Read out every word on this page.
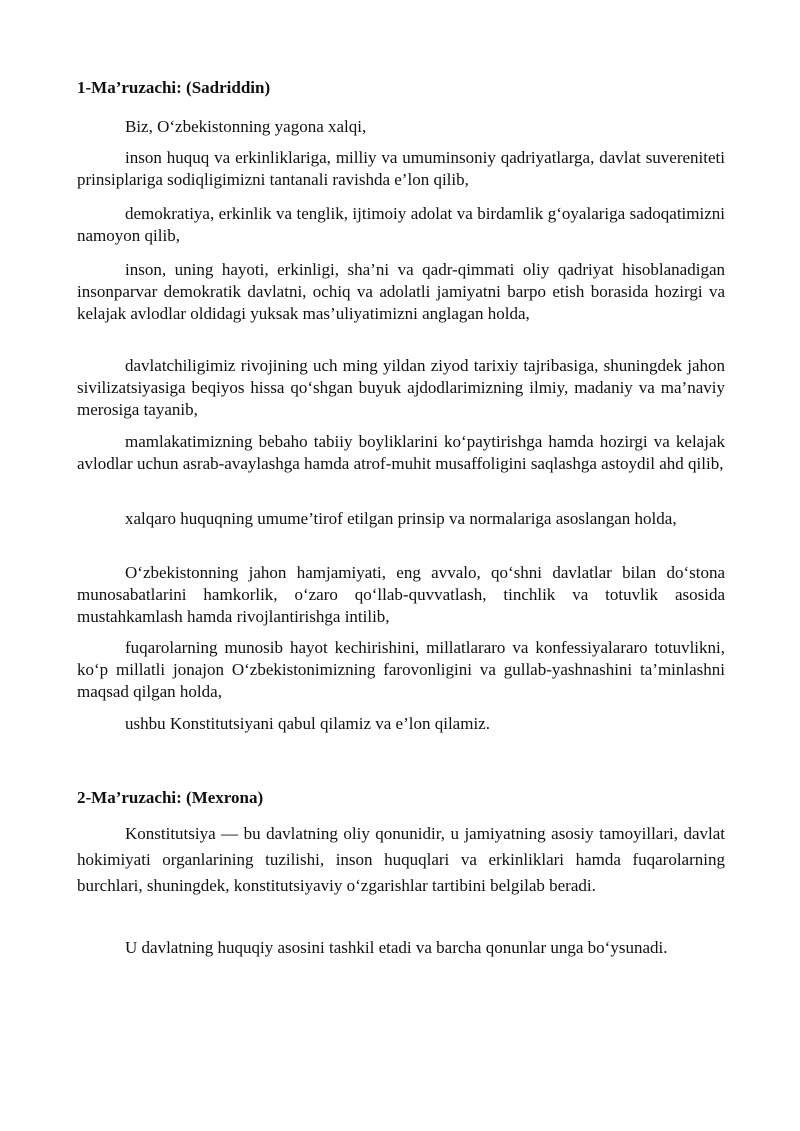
1-Ma’ruzachi: (Sadriddin)

Biz, O‘zbekistonning yagona xalqi,

inson huquq va erkinliklariga, milliy va umuminsoniy qadriyatlarga, davlat suvereniteti prinsiplariga sodiqligimizni tantanali ravishda e’lon qilib,

demokratiya, erkinlik va tenglik, ijtimoiy adolat va birdamlik g‘oyalariga sadoqatimizni namoyon qilib,

inson, uning hayoti, erkinligi, sha’ni va qadr-qimmati oliy qadriyat hisoblanadigan insonparvar demokratik davlatni, ochiq va adolatli jamiyatni barpo etish borasida hozirgi va kelajak avlodlar oldidagi yuksak mas’uliyatimizni anglagan holda,

davlatchiligimiz rivojining uch ming yildan ziyod tarixiy tajribasiga, shuningdek jahon sivilizatsiyasiga beqiyos hissa qo‘shgan buyuk ajdodlarimizning ilmiy, madaniy va ma’naviy merosiga tayanib,

mamlakatimizning bebaho tabiiy boyliklarini ko‘paytirishga hamda hozirgi va kelajak avlodlar uchun asrab-avaylashga hamda atrof-muhit musaffoligini saqlashga astoydil ahd qilib,

xalqaro huquqning umume’tirof etilgan prinsip va normalariga asoslangan holda,

O‘zbekistonning jahon hamjamiyati, eng avvalo, qo‘shni davlatlar bilan do‘stona munosabatlarini hamkorlik, o‘zaro qo‘llab-quvvatlash, tinchlik va totuvlik asosida mustahkamlash hamda rivojlantirishga intilib,

fuqarolarning munosib hayot kechirishini, millatlararo va konfessiyalararo totuvlikni, ko‘p millatli jonajon O‘zbekistonimizning farovonligini va gullab-yashnashini ta’minlashni maqsad qilgan holda,

ushbu Konstitutsiyani qabul qilamiz va e’lon qilamiz.

2-Ma’ruzachi: (Mexrona)

Konstitutsiya — bu davlatning oliy qonunidir, u jamiyatning asosiy tamoyillari, davlat hokimiyati organlarining tuzilishi, inson huquqlari va erkinliklari hamda fuqarolarning burchlari, shuningdek, konstitutsiyaviy o‘zgarishlar tartibini belgilab beradi.

U davlatning huquqiy asosini tashkil etadi va barcha qonunlar unga bo‘ysunadi.
